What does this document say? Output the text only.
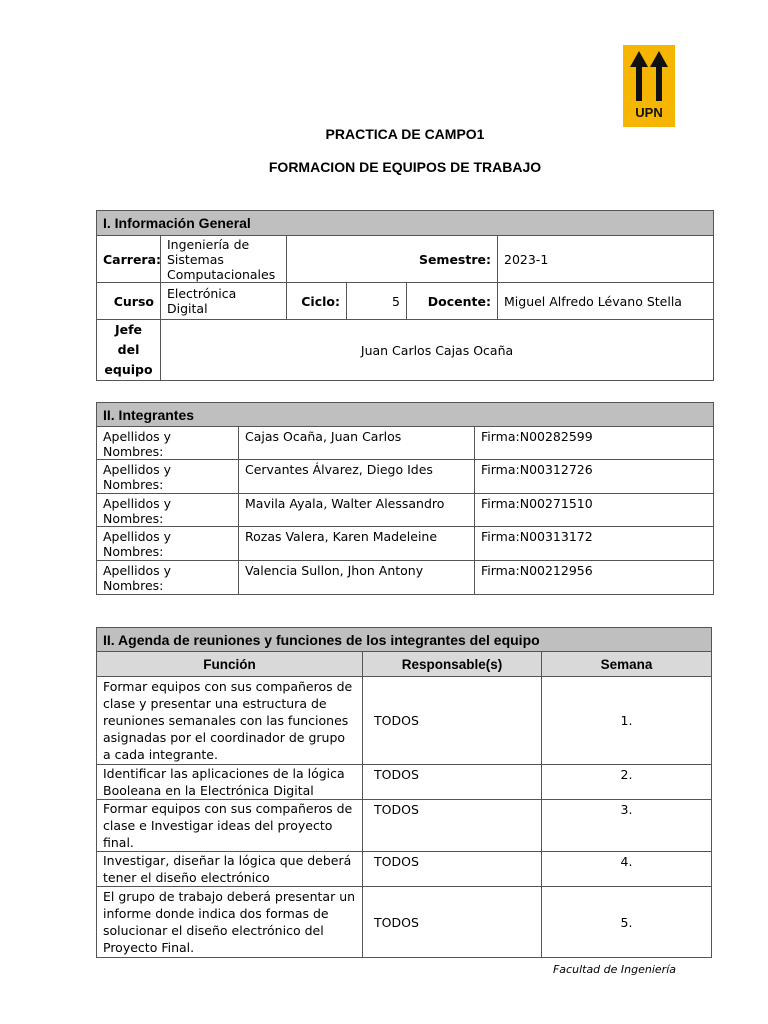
UPN
PRACTICA DE CAMPO1
FORMACION DE EQUIPOS DE TRABAJO
I. Información General					
Carrera:	Ingeniería de Sistemas Computacionales	Semestre:			2023-1
Curso	Electrónica Digital	Ciclo:	5	Docente:	Miguel Alfredo Lévano Stella
Jefe del equipo	Juan Carlos Cajas Ocaña				
II. Integrantes		
Apellidos y Nombres:	Cajas Ocaña, Juan Carlos	Firma:N00282599
Apellidos y Nombres:	Cervantes Álvarez, Diego Ides	Firma:N00312726
Apellidos y Nombres:	Mavila Ayala, Walter Alessandro	Firma:N00271510
Apellidos y Nombres:	Rozas Valera, Karen Madeleine	Firma:N00313172
Apellidos y Nombres:	Valencia Sullon, Jhon Antony	Firma:N00212956
II. Agenda de reuniones y funciones de los integrantes del equipo		
Función	Responsable(s)	Semana
Formar equipos con sus compañeros de clase y presentar una estructura de reuniones semanales con las funciones asignadas por el coordinador de grupo a cada integrante.	TODOS	1.
Identificar las aplicaciones de la lógica Booleana en la Electrónica Digital	TODOS	2.
Formar equipos con sus compañeros de clase e Investigar ideas del proyecto final.	TODOS	3.
Investigar, diseñar la lógica que deberá tener el diseño electrónico	TODOS	4.
El grupo de trabajo deberá presentar un informe donde indica dos formas de solucionar el diseño electrónico del Proyecto Final.	TODOS	5.
Facultad de Ingeniería
